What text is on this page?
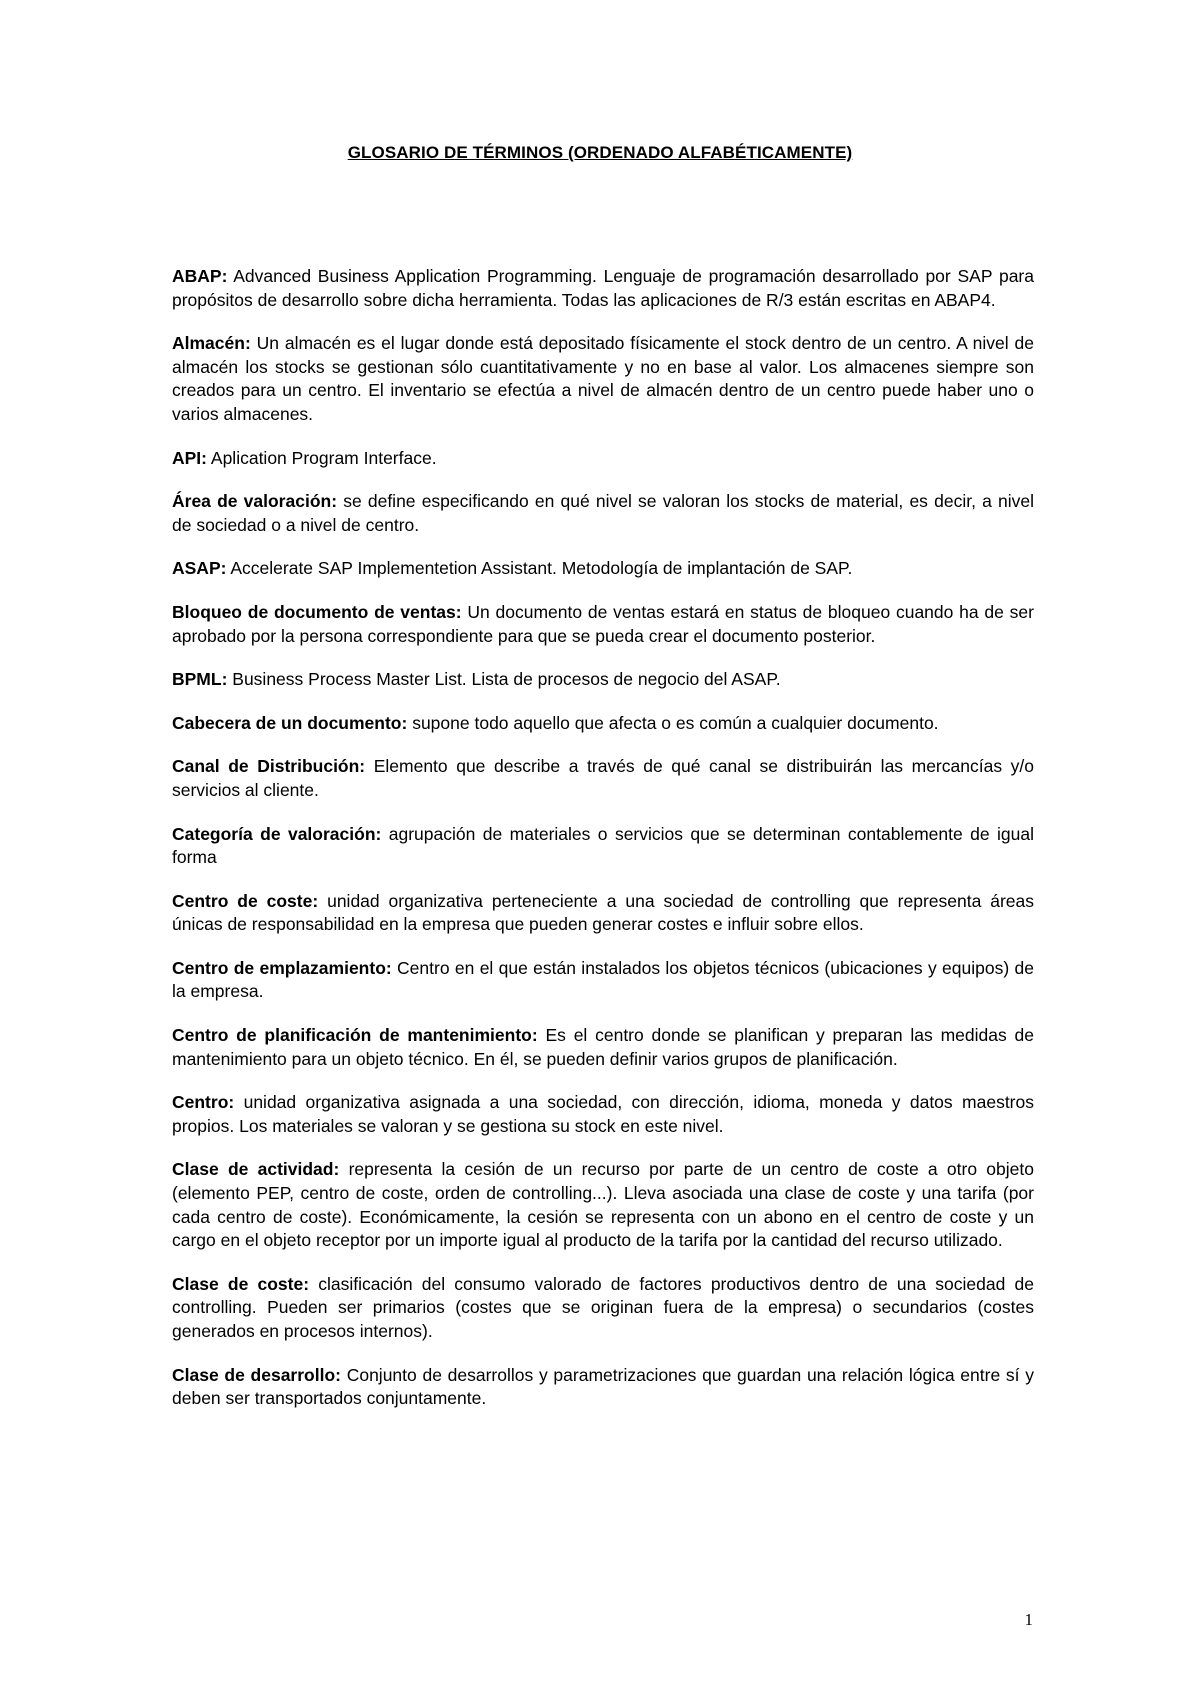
GLOSARIO DE TÉRMINOS (ORDENADO ALFABÉTICAMENTE)

ABAP: Advanced Business Application Programming. Lenguaje de programación desarrollado por SAP para propósitos de desarrollo sobre dicha herramienta. Todas las aplicaciones de R/3 están escritas en ABAP4.

Almacén: Un almacén es el lugar donde está depositado físicamente el stock dentro de un centro. A nivel de almacén los stocks se gestionan sólo cuantitativamente y no en base al valor. Los almacenes siempre son creados para un centro. El inventario se efectúa a nivel de almacén dentro de un centro puede haber uno o varios almacenes.

API: Aplication Program Interface.

Área de valoración: se define especificando en qué nivel se valoran los stocks de material, es decir, a nivel de sociedad o a nivel de centro.

ASAP: Accelerate SAP Implementetion Assistant. Metodología de implantación de SAP.

Bloqueo de documento de ventas: Un documento de ventas estará en status de bloqueo cuando ha de ser aprobado por la persona correspondiente para que se pueda crear el documento posterior.

BPML: Business Process Master List. Lista de procesos de negocio del ASAP.

Cabecera de un documento: supone todo aquello que afecta o es común a cualquier documento.

Canal de Distribución: Elemento que describe a través de qué canal se distribuirán las mercancías y/o servicios al cliente.

Categoría de valoración: agrupación de materiales o servicios que se determinan contablemente de igual forma

Centro de coste: unidad organizativa perteneciente a una sociedad de controlling que representa áreas únicas de responsabilidad en la empresa que pueden generar costes e influir sobre ellos.

Centro de emplazamiento: Centro en el que están instalados los objetos técnicos (ubicaciones y equipos) de la empresa.

Centro de planificación de mantenimiento: Es el centro donde se planifican y preparan las medidas de mantenimiento para un objeto técnico. En él, se pueden definir varios grupos de planificación.

Centro: unidad organizativa asignada a una sociedad, con dirección, idioma, moneda y datos maestros propios. Los materiales se valoran y se gestiona su stock en este nivel.

Clase de actividad: representa la cesión de un recurso por parte de un centro de coste a otro objeto (elemento PEP, centro de coste, orden de controlling...). Lleva asociada una clase de coste y una tarifa (por cada centro de coste). Económicamente, la cesión se representa con un abono en el centro de coste y un cargo en el objeto receptor por un importe igual al producto de la tarifa por la cantidad del recurso utilizado.

Clase de coste: clasificación del consumo valorado de factores productivos dentro de una sociedad de controlling. Pueden ser primarios (costes que se originan fuera de la empresa) o secundarios (costes generados en procesos internos).

Clase de desarrollo: Conjunto de desarrollos y parametrizaciones que guardan una relación lógica entre sí y deben ser transportados conjuntamente.

1
